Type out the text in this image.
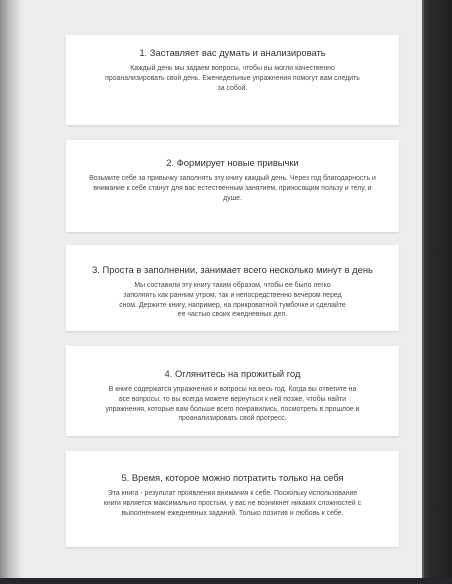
1. Заставляет вас думать и анализировать
Каждый день мы задаем вопросы, чтобы вы могли качественно проанализировать свой день. Еженедельные упражнения помогут вам следить за собой.
2. Формирует новые привычки
Возьмите себе за привычку заполнять эту книгу каждый день. Через год благодарность и внимание к себе станут для вас естественным занятием, приносящим пользу и телу, и душе.
3. Проста в заполнении, занимает всего несколько минут в день
Мы составили эту книгу таким образом, чтобы ее было легко заполнять как ранним утром, так и непосредственно вечером перед сном. Держите книгу, например, на прикроватной тумбочке и сделайте ее частью своих ежедневных дел.
4. Оглянитесь на прожитый год
В книге содержатся упражнения и вопросы на весь год. Когда вы ответите на все вопросы, то вы всегда можете вернуться к ней позже, чтобы найти упражнения, которые вам больше всего понравились, посмотреть в прошлое и проанализировать свой прогресс.
5. Время, которое можно потратить только на себя
Эта книга - результат проявления внимания к себе. Поскольку использование книги является максимально простым, у вас не возникнет никаких сложностей с выполнением ежедневных заданий. Только позитив и любовь к себе.
